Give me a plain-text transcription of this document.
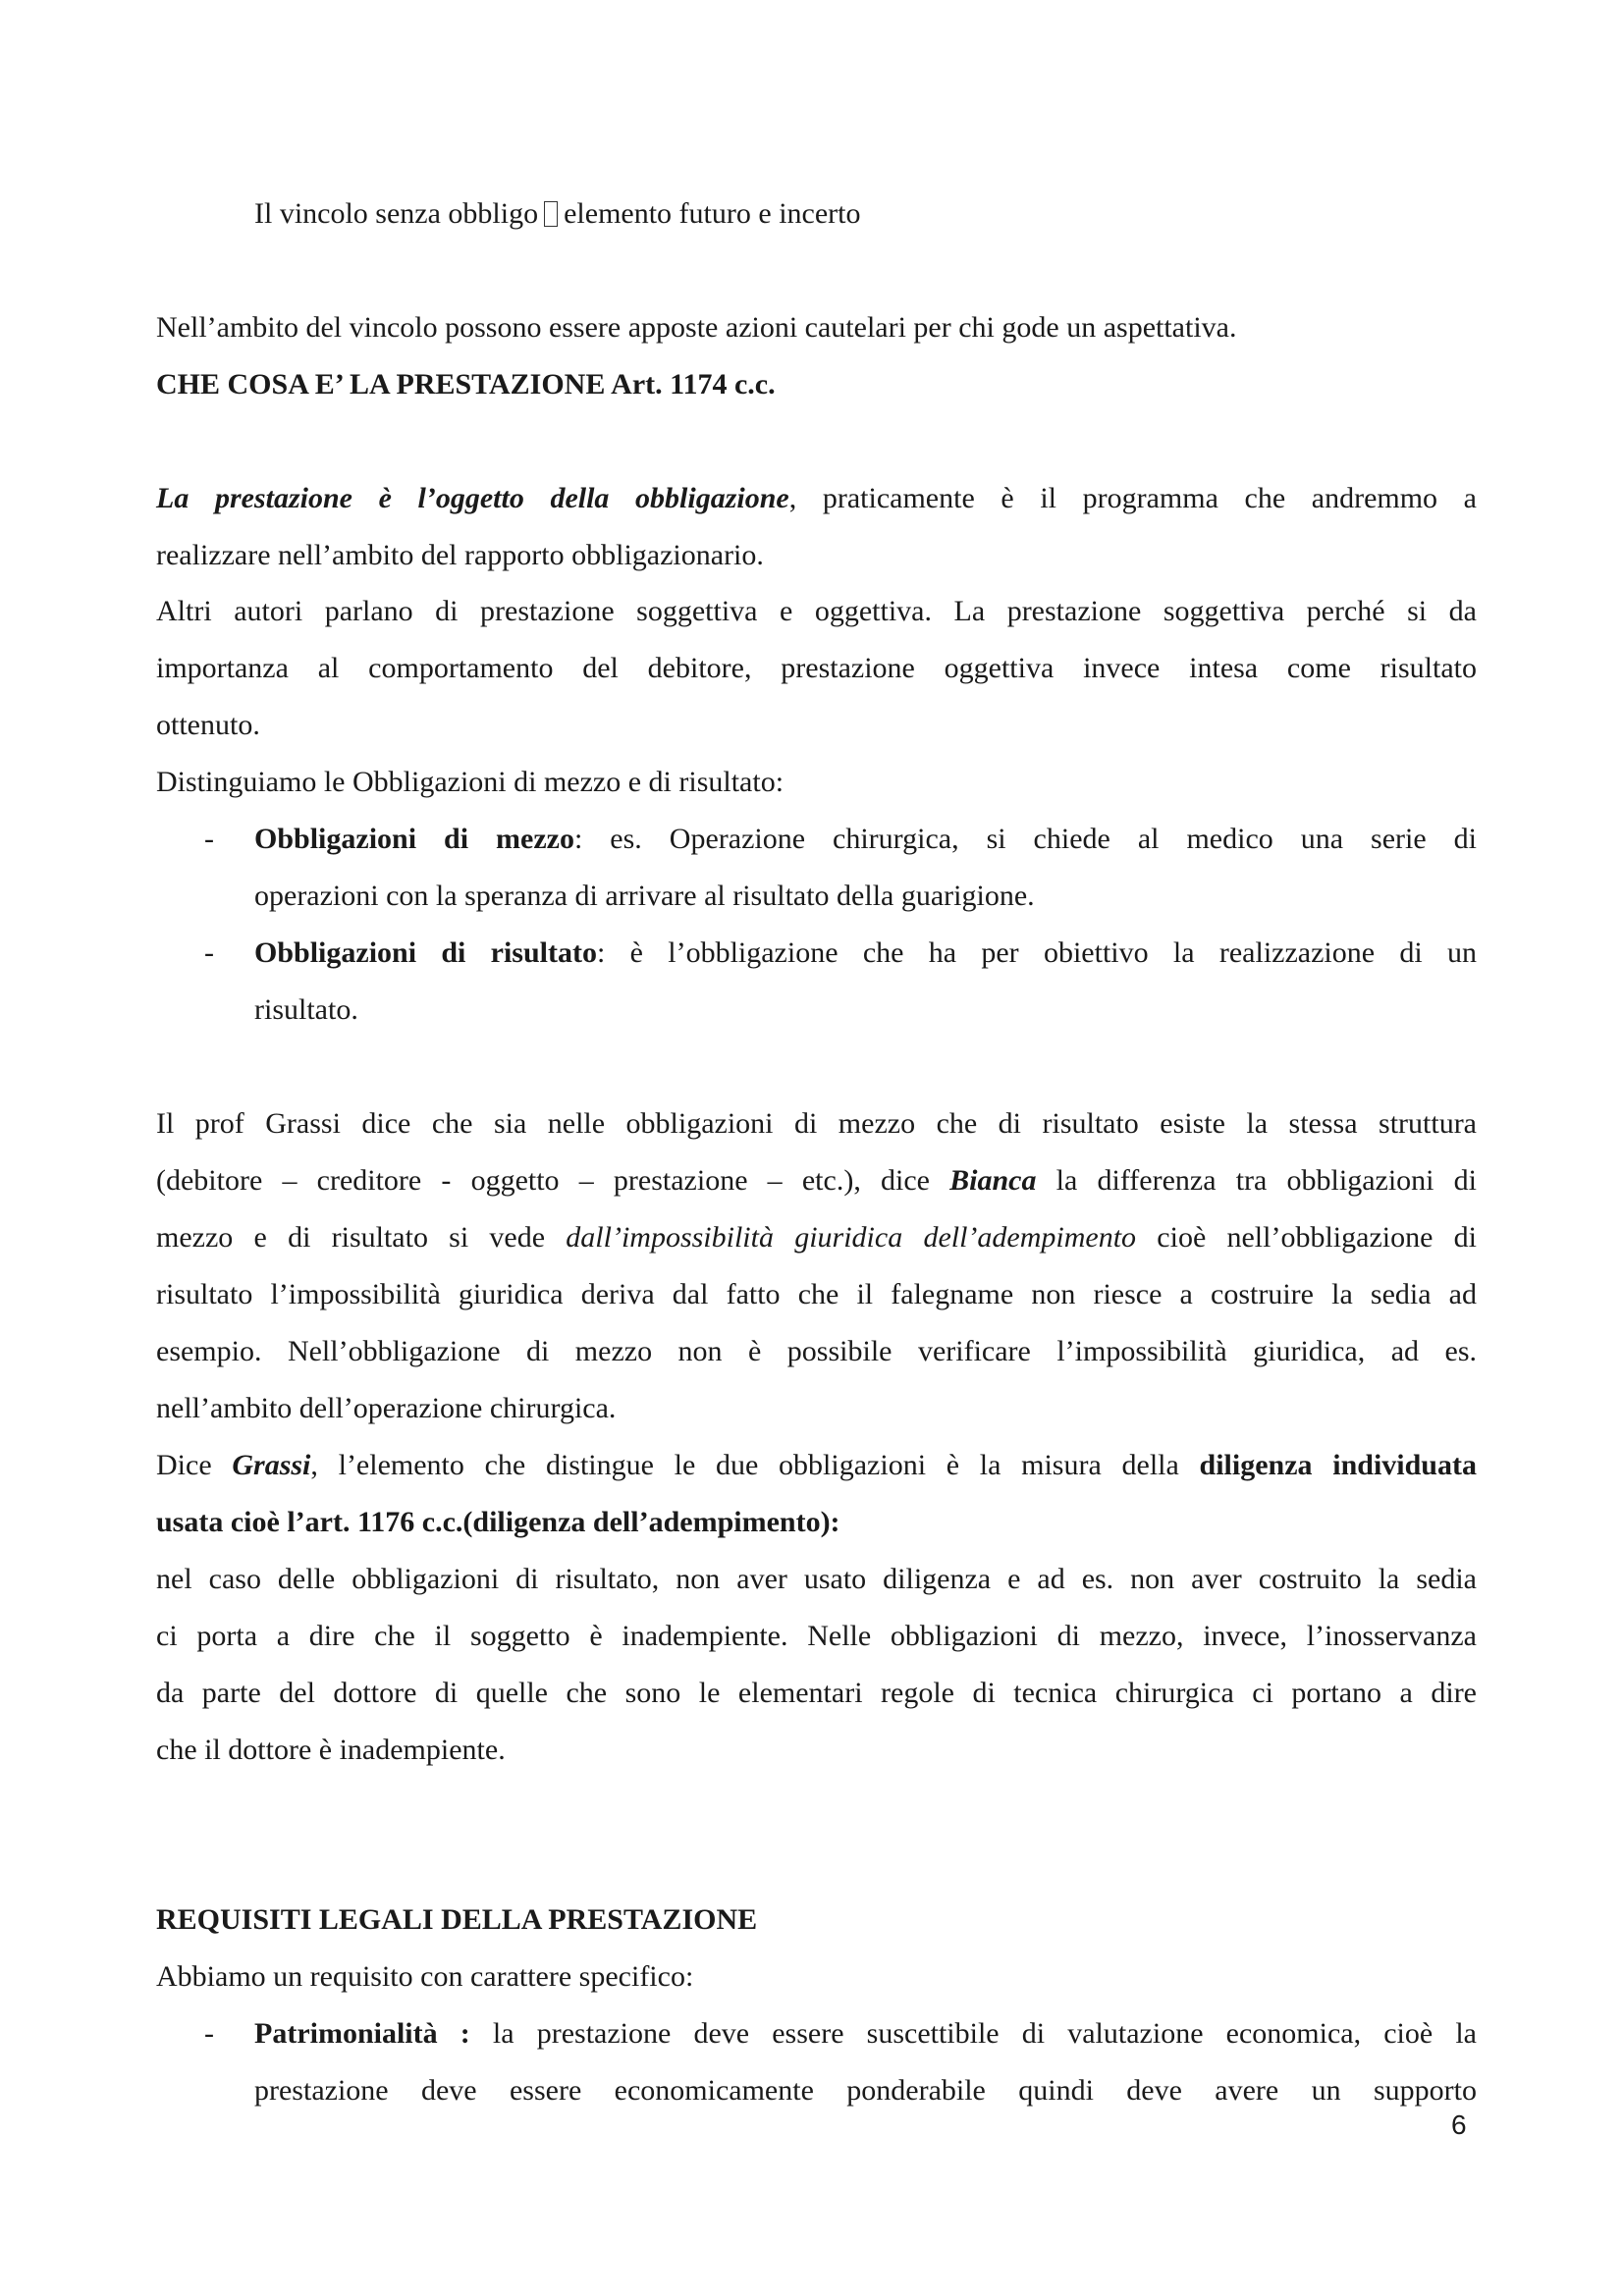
Il vincolo senza obbligo elemento futuro e incerto
Nell’ambito del vincolo possono essere apposte azioni cautelari per chi gode un aspettativa.
CHE COSA E’ LA PRESTAZIONE Art. 1174 c.c.
La prestazione è l’oggetto della obbligazione, praticamente è il programma che andremmo a
realizzare nell’ambito del rapporto obbligazionario.
Altri autori parlano di prestazione soggettiva e oggettiva. La prestazione soggettiva perché si da
importanza al comportamento del debitore, prestazione oggettiva invece intesa come risultato
ottenuto.
Distinguiamo le Obbligazioni di mezzo e di risultato:
- Obbligazioni di mezzo: es. Operazione chirurgica, si chiede al medico una serie di
operazioni con la speranza di arrivare al risultato della guarigione.
- Obbligazioni di risultato: è l’obbligazione che ha per obiettivo la realizzazione di un
risultato.
Il prof Grassi dice che sia nelle obbligazioni di mezzo che di risultato esiste la stessa struttura
(debitore – creditore - oggetto – prestazione – etc.), dice Bianca la differenza tra obbligazioni di
mezzo e di risultato si vede dall’impossibilità giuridica dell’adempimento cioè nell’obbligazione di
risultato l’impossibilità giuridica deriva dal fatto che il falegname non riesce a costruire la sedia ad
esempio. Nell’obbligazione di mezzo non è possibile verificare l’impossibilità giuridica, ad es.
nell’ambito dell’operazione chirurgica.
Dice Grassi, l’elemento che distingue le due obbligazioni è la misura della diligenza individuata
usata cioè l’art. 1176 c.c.(diligenza dell’adempimento):
nel caso delle obbligazioni di risultato, non aver usato diligenza e ad es. non aver costruito la sedia
ci porta a dire che il soggetto è inadempiente. Nelle obbligazioni di mezzo, invece, l’inosservanza
da parte del dottore di quelle che sono le elementari regole di tecnica chirurgica ci portano a dire
che il dottore è inadempiente.
REQUISITI LEGALI DELLA PRESTAZIONE
Abbiamo un requisito con carattere specifico:
- Patrimonialità : la prestazione deve essere suscettibile di valutazione economica, cioè la
prestazione deve essere economicamente ponderabile quindi deve avere un supporto
6
